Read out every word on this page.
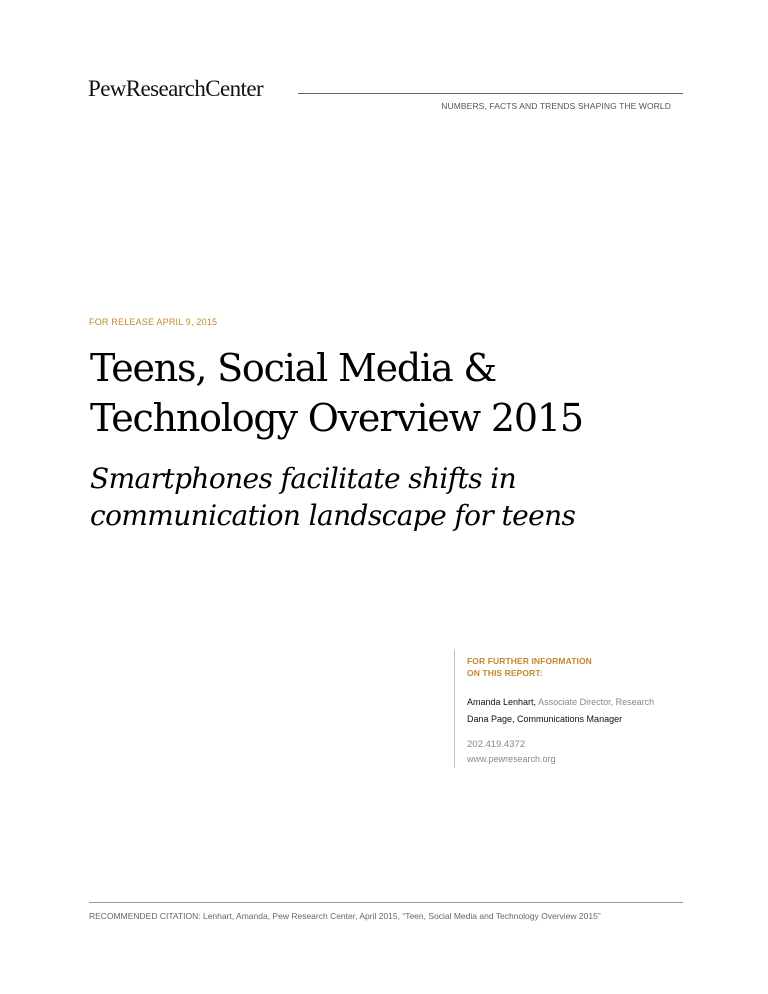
PewResearchCenter
NUMBERS, FACTS AND TRENDS SHAPING THE WORLD
FOR RELEASE APRIL 9, 2015
Teens, Social Media &
Technology Overview 2015
Smartphones facilitate shifts in
communication landscape for teens
FOR FURTHER INFORMATION
ON THIS REPORT:
Amanda Lenhart, Associate Director, Research
Dana Page, Communications Manager
202.419.4372
www.pewresearch.org
RECOMMENDED CITATION: Lenhart, Amanda, Pew Research Center, April 2015, “Teen, Social Media and Technology Overview 2015”
